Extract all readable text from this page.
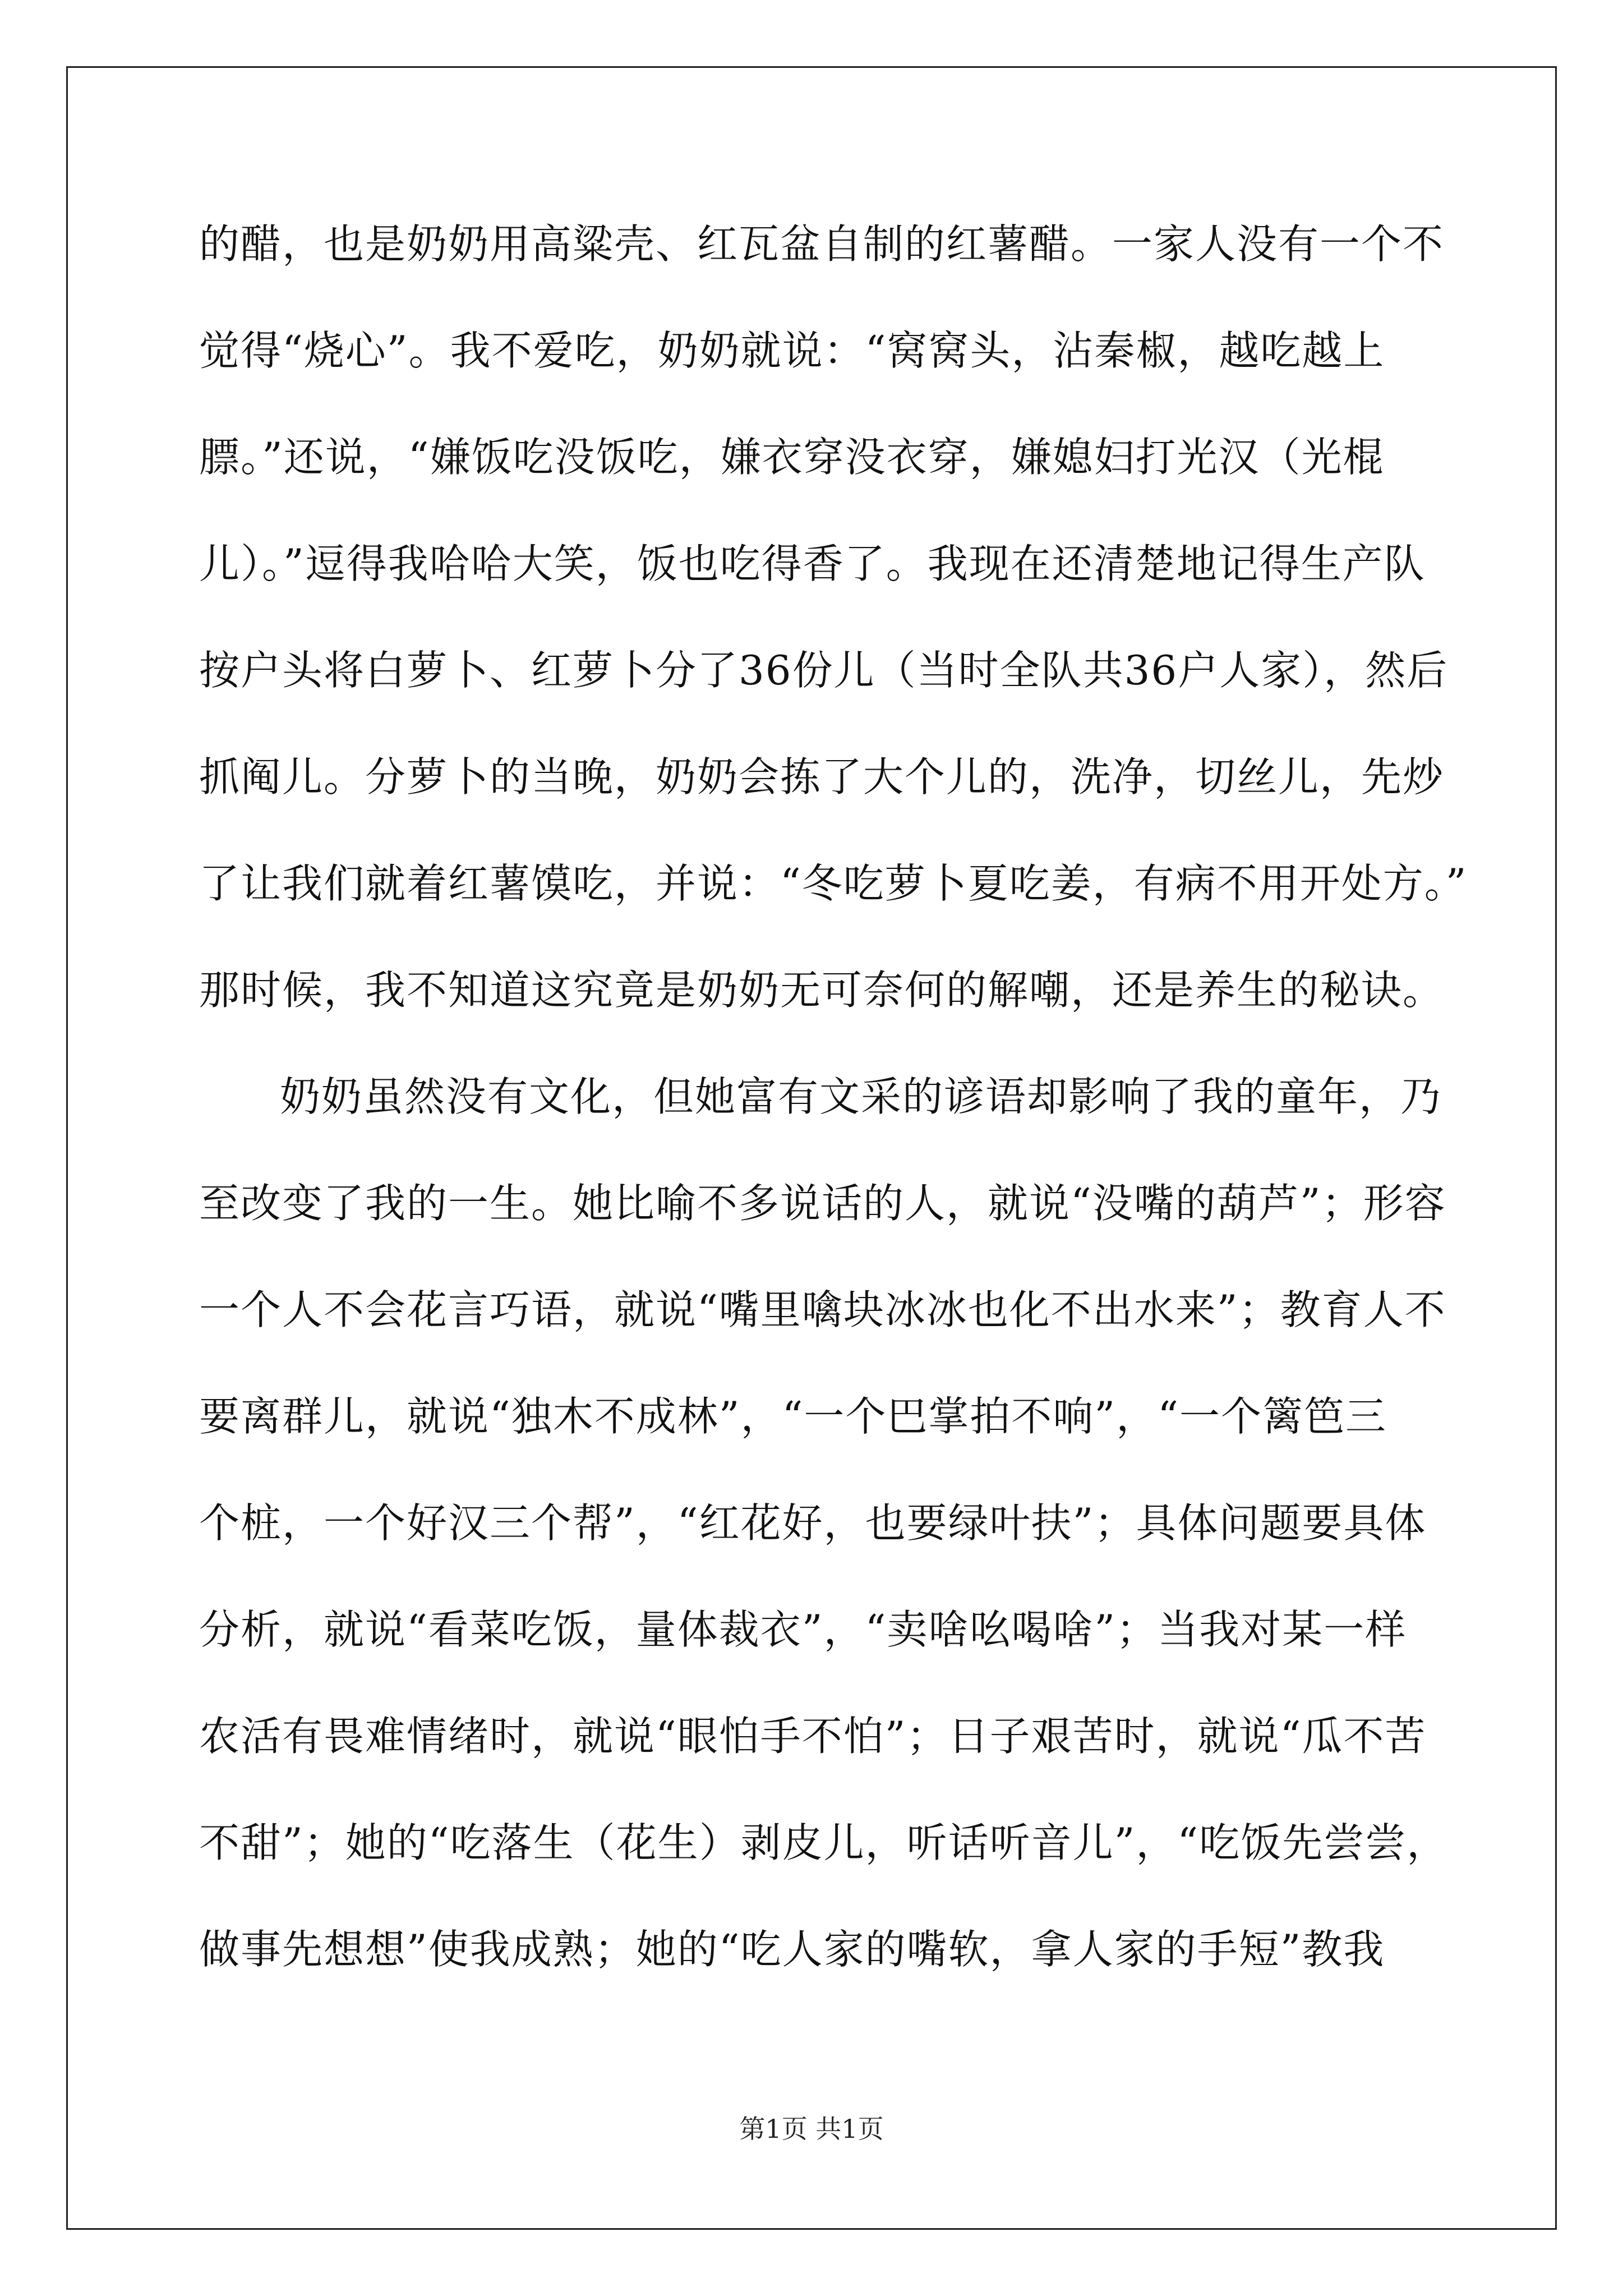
的醋，也是奶奶用高粱壳、红瓦盆自制的红薯醋。一家人没有一个不
觉得“烧心”。我不爱吃，奶奶就说：“窝窝头，沾秦椒，越吃越上
膘。”还说，“嫌饭吃没饭吃，嫌衣穿没衣穿，嫌媳妇打光汉（光棍
儿）。”逗得我哈哈大笑，饭也吃得香了。我现在还清楚地记得生产队
按户头将白萝卜、红萝卜分了36份儿（当时全队共36户人家），然后
抓阄儿。分萝卜的当晚，奶奶会拣了大个儿的，洗净，切丝儿，先炒
了让我们就着红薯馍吃，并说：“冬吃萝卜夏吃姜，有病不用开处方。”
那时候，我不知道这究竟是奶奶无可奈何的解嘲，还是养生的秘诀。
奶奶虽然没有文化，但她富有文采的谚语却影响了我的童年，乃
至改变了我的一生。她比喻不多说话的人，就说“没嘴的葫芦”；形容
一个人不会花言巧语，就说“嘴里噙块冰冰也化不出水来”；教育人不
要离群儿，就说“独木不成林”，“一个巴掌拍不响”，“一个篱笆三
个桩，一个好汉三个帮”，“红花好，也要绿叶扶”；具体问题要具体
分析，就说“看菜吃饭，量体裁衣”，“卖啥吆喝啥”；当我对某一样
农活有畏难情绪时，就说“眼怕手不怕”；日子艰苦时，就说“瓜不苦
不甜”；她的“吃落生（花生）剥皮儿，听话听音儿”，“吃饭先尝尝，
做事先想想”使我成熟；她的“吃人家的嘴软，拿人家的手短”教我
第1页 共1页
